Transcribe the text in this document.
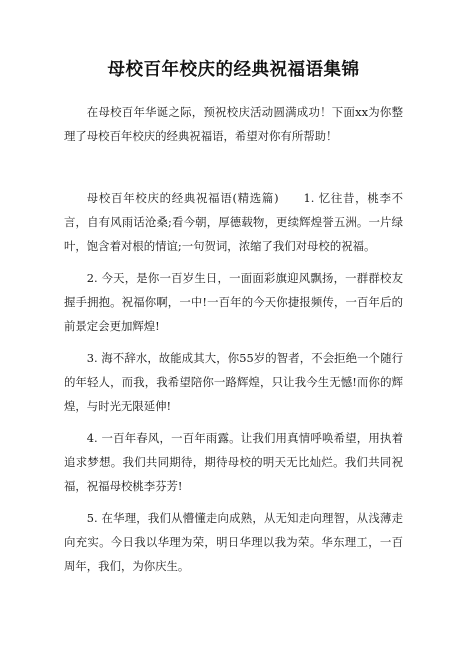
母校百年校庆的经典祝福语集锦

在母校百年华诞之际，预祝校庆活动圆满成功！下面xx为你整理了母校百年校庆的经典祝福语，希望对你有所帮助！

母校百年校庆的经典祝福语(精选篇)　　1. 忆往昔，桃李不言，自有风雨话沧桑;看今朝，厚德载物，更续辉煌誉五洲。一片绿叶，饱含着对根的情谊;一句贺词，浓缩了我们对母校的祝福。

2. 今天，是你一百岁生日，一面面彩旗迎风飘扬，一群群校友握手拥抱。祝福你啊，一中!一百年的今天你捷报频传，一百年后的前景定会更加辉煌!

3. 海不辞水，故能成其大，你55岁的智者，不会拒绝一个随行的年轻人，而我，我希望陪你一路辉煌，只让我今生无憾!而你的辉煌，与时光无限延伸!

4. 一百年春风，一百年雨露。让我们用真情呼唤希望，用执着追求梦想。我们共同期待，期待母校的明天无比灿烂。我们共同祝福，祝福母校桃李芬芳!

5. 在华理，我们从懵懂走向成熟，从无知走向理智，从浅薄走向充实。今日我以华理为荣，明日华理以我为荣。华东理工，一百周年，我们，为你庆生。
